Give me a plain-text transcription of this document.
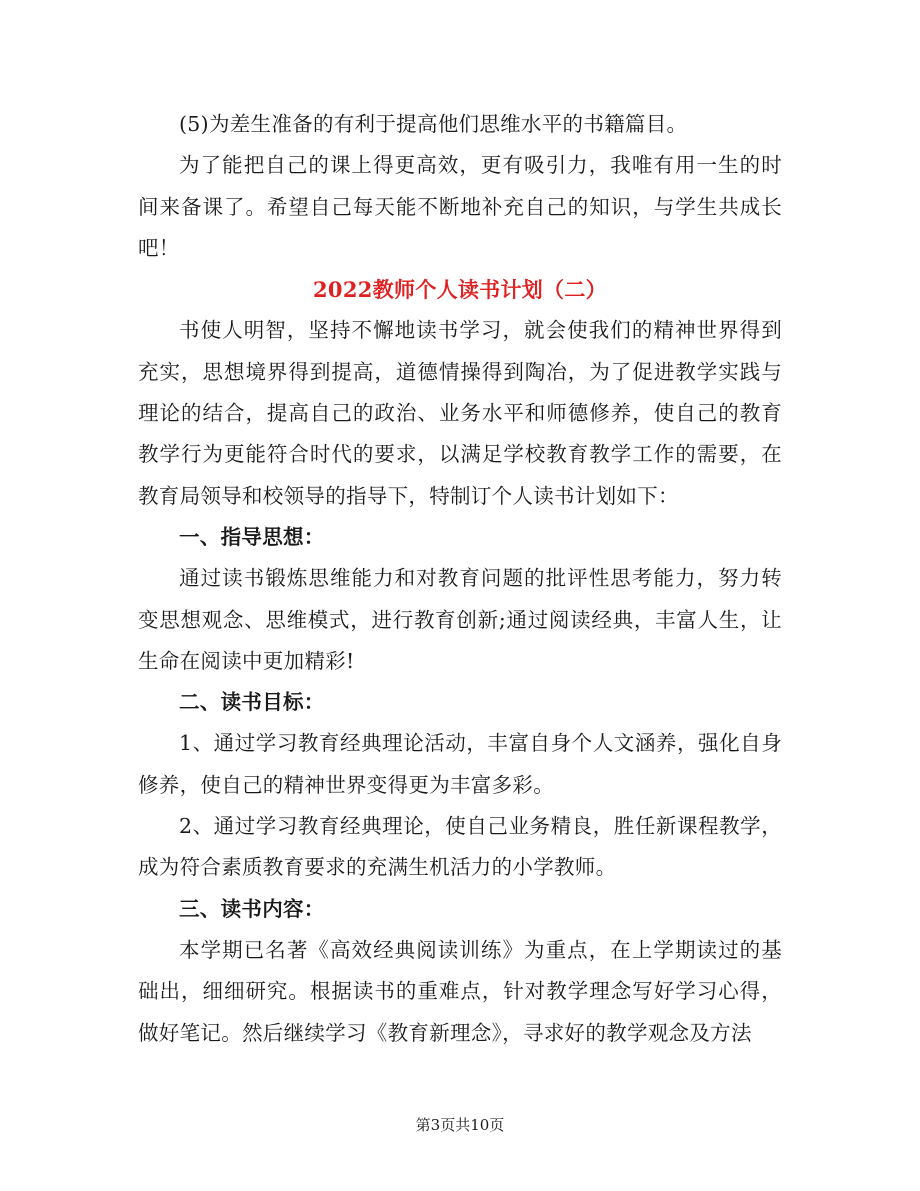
(5)为差生准备的有利于提高他们思维水平的书籍篇目。

为了能把自己的课上得更高效，更有吸引力，我唯有用一生的时间来备课了。希望自己每天能不断地补充自己的知识，与学生共成长吧！

2022教师个人读书计划（二）

书使人明智，坚持不懈地读书学习，就会使我们的精神世界得到充实，思想境界得到提高，道德情操得到陶冶，为了促进教学实践与理论的结合，提高自己的政治、业务水平和师德修养，使自己的教育教学行为更能符合时代的要求，以满足学校教育教学工作的需要，在教育局领导和校领导的指导下，特制订个人读书计划如下：

一、指导思想：

通过读书锻炼思维能力和对教育问题的批评性思考能力，努力转变思想观念、思维模式，进行教育创新;通过阅读经典，丰富人生，让生命在阅读中更加精彩!

二、读书目标：

1、通过学习教育经典理论活动，丰富自身个人文涵养，强化自身修养，使自己的精神世界变得更为丰富多彩。

2、通过学习教育经典理论，使自己业务精良，胜任新课程教学，成为符合素质教育要求的充满生机活力的小学教师。

三、读书内容：

本学期已名著《高效经典阅读训练》为重点，在上学期读过的基础出，细细研究。根据读书的重难点，针对教学理念写好学习心得，做好笔记。然后继续学习《教育新理念》，寻求好的教学观念及方法

第3页共10页
